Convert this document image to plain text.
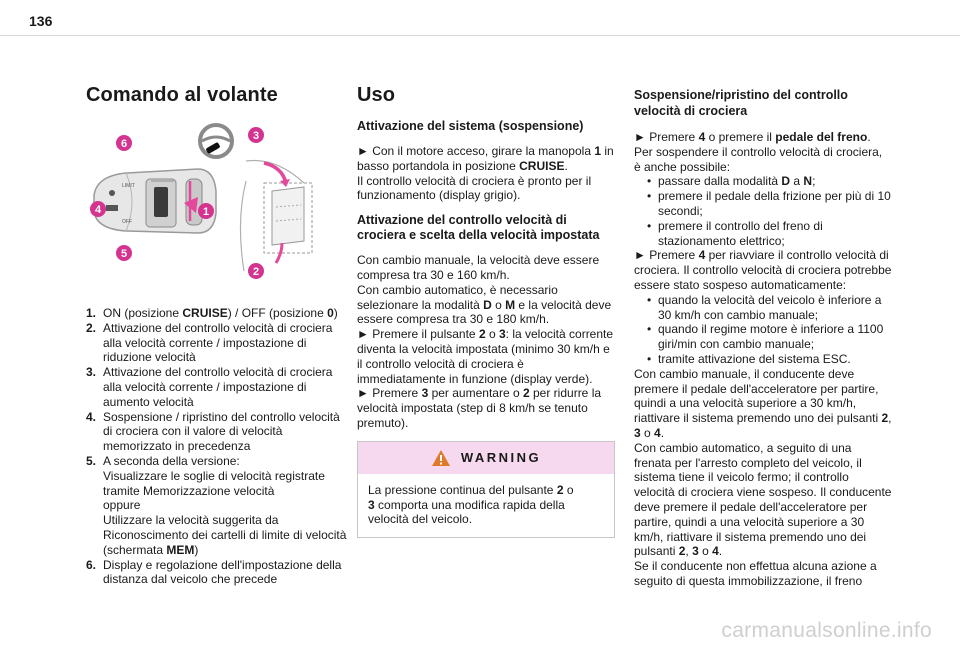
136
Comando al volante
LIMIT
OFF
6
4
5
1
3
2
1. ON (posizione CRUISE) / OFF (posizione 0)
2. Attivazione del controllo velocità di crociera alla velocità corrente / impostazione di riduzione velocità
3. Attivazione del controllo velocità di crociera alla velocità corrente / impostazione di aumento velocità
4. Sospensione / ripristino del controllo velocità di crociera con il valore di velocità memorizzato in precedenza
5. A seconda della versione:
Visualizzare le soglie di velocità registrate tramite Memorizzazione velocità
oppure
Utilizzare la velocità suggerita da Riconoscimento dei cartelli di limite di velocità (schermata MEM)
6. Display e regolazione dell'impostazione della distanza dal veicolo che precede
Uso
Attivazione del sistema (sospensione)

► Con il motore acceso, girare la manopola 1 in basso portandola in posizione CRUISE.
Il controllo velocità di crociera è pronto per il funzionamento (display grigio).

Attivazione del controllo velocità di crociera e scelta della velocità impostata

Con cambio manuale, la velocità deve essere compresa tra 30 e 160 km/h.
Con cambio automatico, è necessario selezionare la modalità D o M e la velocità deve essere compresa tra 30 e 180 km/h.
► Premere il pulsante 2 o 3: la velocità corrente diventa la velocità impostata (minimo 30 km/h e il controllo velocità di crociera è immediatamente in funzione (display verde).
► Premere 3 per aumentare o 2 per ridurre la velocità impostata (step di 8 km/h se tenuto premuto).

WARNING

La pressione continua del pulsante 2 o
3 comporta una modifica rapida della velocità del veicolo.

Sospensione/ripristino del controllo velocità di crociera

► Premere 4 o premere il pedale del freno.
Per sospendere il controllo velocità di crociera, è anche possibile:

• passare dalla modalità D a N;
• premere il pedale della frizione per più di 10 secondi;
• premere il controllo del freno di stazionamento elettrico;

► Premere 4 per riavviare il controllo velocità di crociera. Il controllo velocità di crociera potrebbe essere stato sospeso automaticamente:

• quando la velocità del veicolo è inferiore a 30 km/h con cambio manuale;
• quando il regime motore è inferiore a 1100 giri/min con cambio manuale;
• tramite attivazione del sistema ESC.

Con cambio manuale, il conducente deve premere il pedale dell'acceleratore per partire, quindi a una velocità superiore a 30 km/h, riattivare il sistema premendo uno dei pulsanti 2, 3 o 4.
Con cambio automatico, a seguito di una frenata per l'arresto completo del veicolo, il sistema tiene il veicolo fermo; il controllo velocità di crociera viene sospeso. Il conducente deve premere il pedale dell'acceleratore per partire, quindi a una velocità superiore a 30 km/h, riattivare il sistema premendo uno dei pulsanti 2, 3 o 4.
Se il conducente non effettua alcuna azione a seguito di questa immobilizzazione, il freno

carmanualsonline.info
